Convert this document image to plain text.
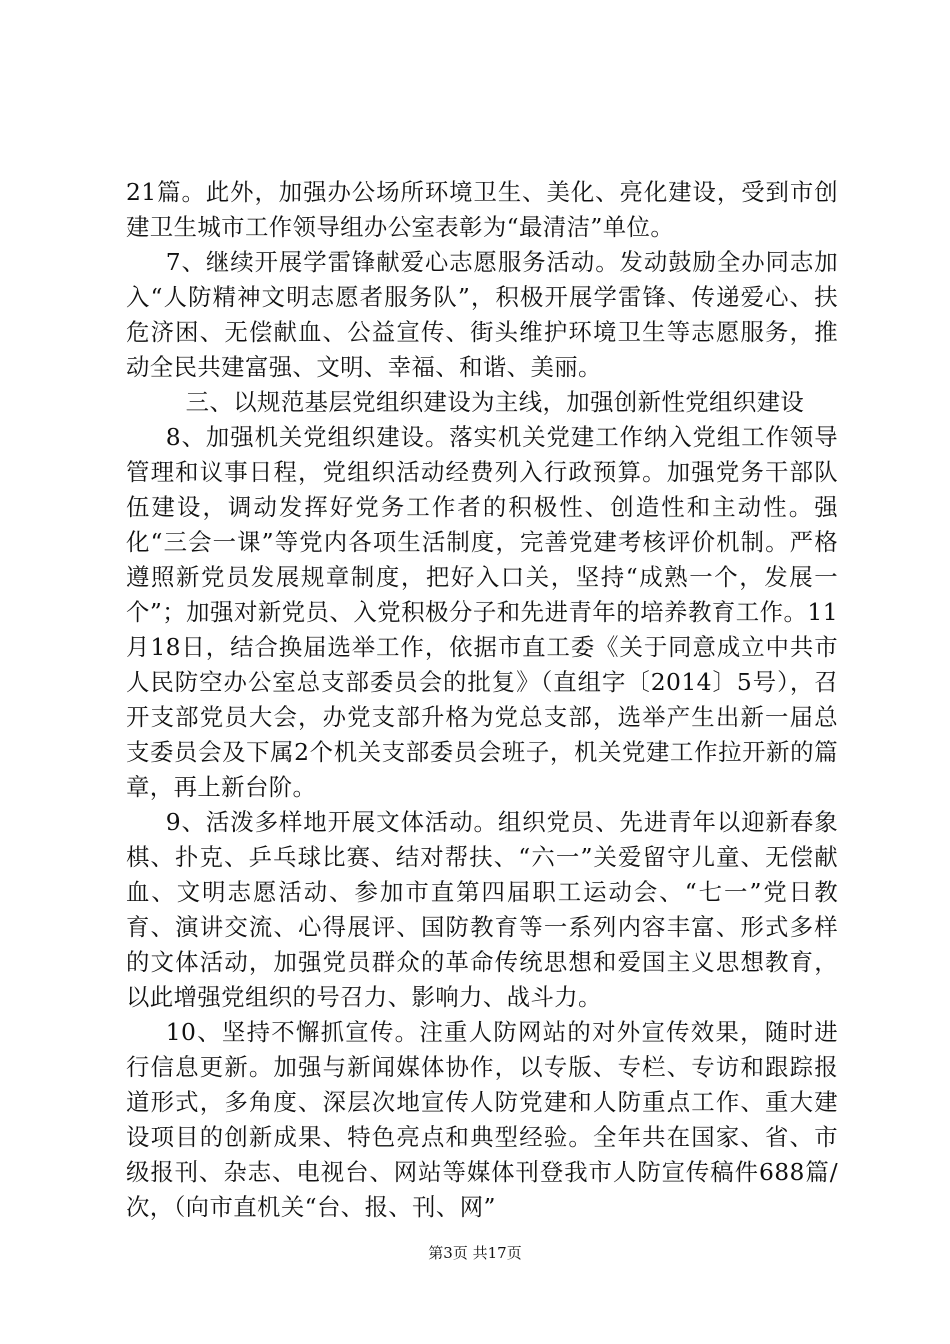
21篇。此外，加强办公场所环境卫生、美化、亮化建设，受到市创建卫生城市工作领导组办公室表彰为“最清洁”单位。

7、继续开展学雷锋献爱心志愿服务活动。发动鼓励全办同志加入“人防精神文明志愿者服务队”，积极开展学雷锋、传递爱心、扶危济困、无偿献血、公益宣传、街头维护环境卫生等志愿服务，推动全民共建富强、文明、幸福、和谐、美丽。

三、以规范基层党组织建设为主线，加强创新性党组织建设

8、加强机关党组织建设。落实机关党建工作纳入党组工作领导管理和议事日程，党组织活动经费列入行政预算。加强党务干部队伍建设，调动发挥好党务工作者的积极性、创造性和主动性。强化“三会一课”等党内各项生活制度，完善党建考核评价机制。严格遵照新党员发展规章制度，把好入口关，坚持“成熟一个，发展一个”；加强对新党员、入党积极分子和先进青年的培养教育工作。11月18日，结合换届选举工作，依据市直工委《关于同意成立中共市人民防空办公室总支部委员会的批复》（直组字〔2014〕5号），召开支部党员大会，办党支部升格为党总支部，选举产生出新一届总支委员会及下属2个机关支部委员会班子，机关党建工作拉开新的篇章，再上新台阶。

9、活泼多样地开展文体活动。组织党员、先进青年以迎新春象棋、扑克、乒乓球比赛、结对帮扶、“六一”关爱留守儿童、无偿献血、文明志愿活动、参加市直第四届职工运动会、“七一”党日教育、演讲交流、心得展评、国防教育等一系列内容丰富、形式多样的文体活动，加强党员群众的革命传统思想和爱国主义思想教育，以此增强党组织的号召力、影响力、战斗力。

10、坚持不懈抓宣传。注重人防网站的对外宣传效果，随时进行信息更新。加强与新闻媒体协作，以专版、专栏、专访和跟踪报道形式，多角度、深层次地宣传人防党建和人防重点工作、重大建设项目的创新成果、特色亮点和典型经验。全年共在国家、省、市级报刊、杂志、电视台、网站等媒体刊登我市人防宣传稿件688篇/次，（向市直机关“台、报、刊、网”

第3页 共17页
